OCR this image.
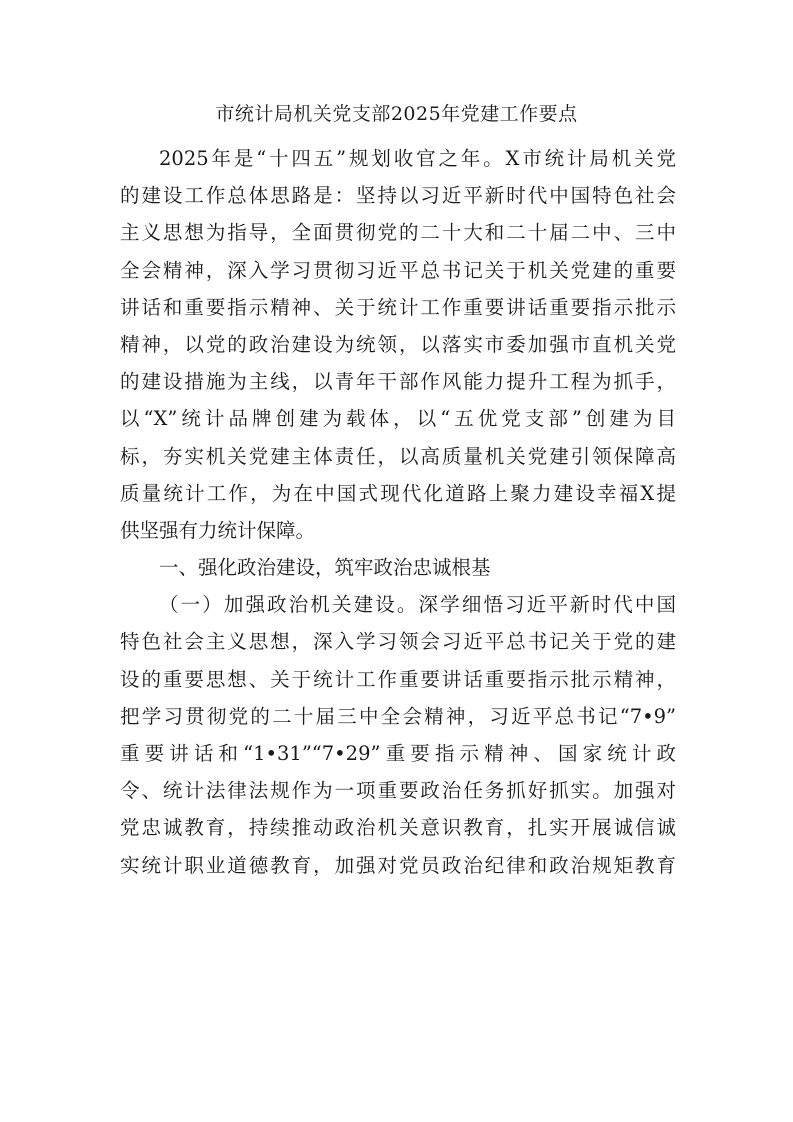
市统计局机关党支部2025年党建工作要点
2025年是“十四五”规划收官之年。X市统计局机关党
的建设工作总体思路是：坚持以习近平新时代中国特色社会
主义思想为指导，全面贯彻党的二十大和二十届二中、三中
全会精神，深入学习贯彻习近平总书记关于机关党建的重要
讲话和重要指示精神、关于统计工作重要讲话重要指示批示
精神，以党的政治建设为统领，以落实市委加强市直机关党
的建设措施为主线，以青年干部作风能力提升工程为抓手，
以“X”统计品牌创建为载体，以“五优党支部”创建为目
标，夯实机关党建主体责任，以高质量机关党建引领保障高
质量统计工作，为在中国式现代化道路上聚力建设幸福X提
供坚强有力统计保障。
一、强化政治建设，筑牢政治忠诚根基
（一）加强政治机关建设。深学细悟习近平新时代中国
特色社会主义思想，深入学习领会习近平总书记关于党的建
设的重要思想、关于统计工作重要讲话重要指示批示精神，
把学习贯彻党的二十届三中全会精神，习近平总书记“7•9”
重要讲话和“1•31”“7•29”重要指示精神、国家统计政
令、统计法律法规作为一项重要政治任务抓好抓实。加强对
党忠诚教育，持续推动政治机关意识教育，扎实开展诚信诚
实统计职业道德教育，加强对党员政治纪律和政治规矩教育
